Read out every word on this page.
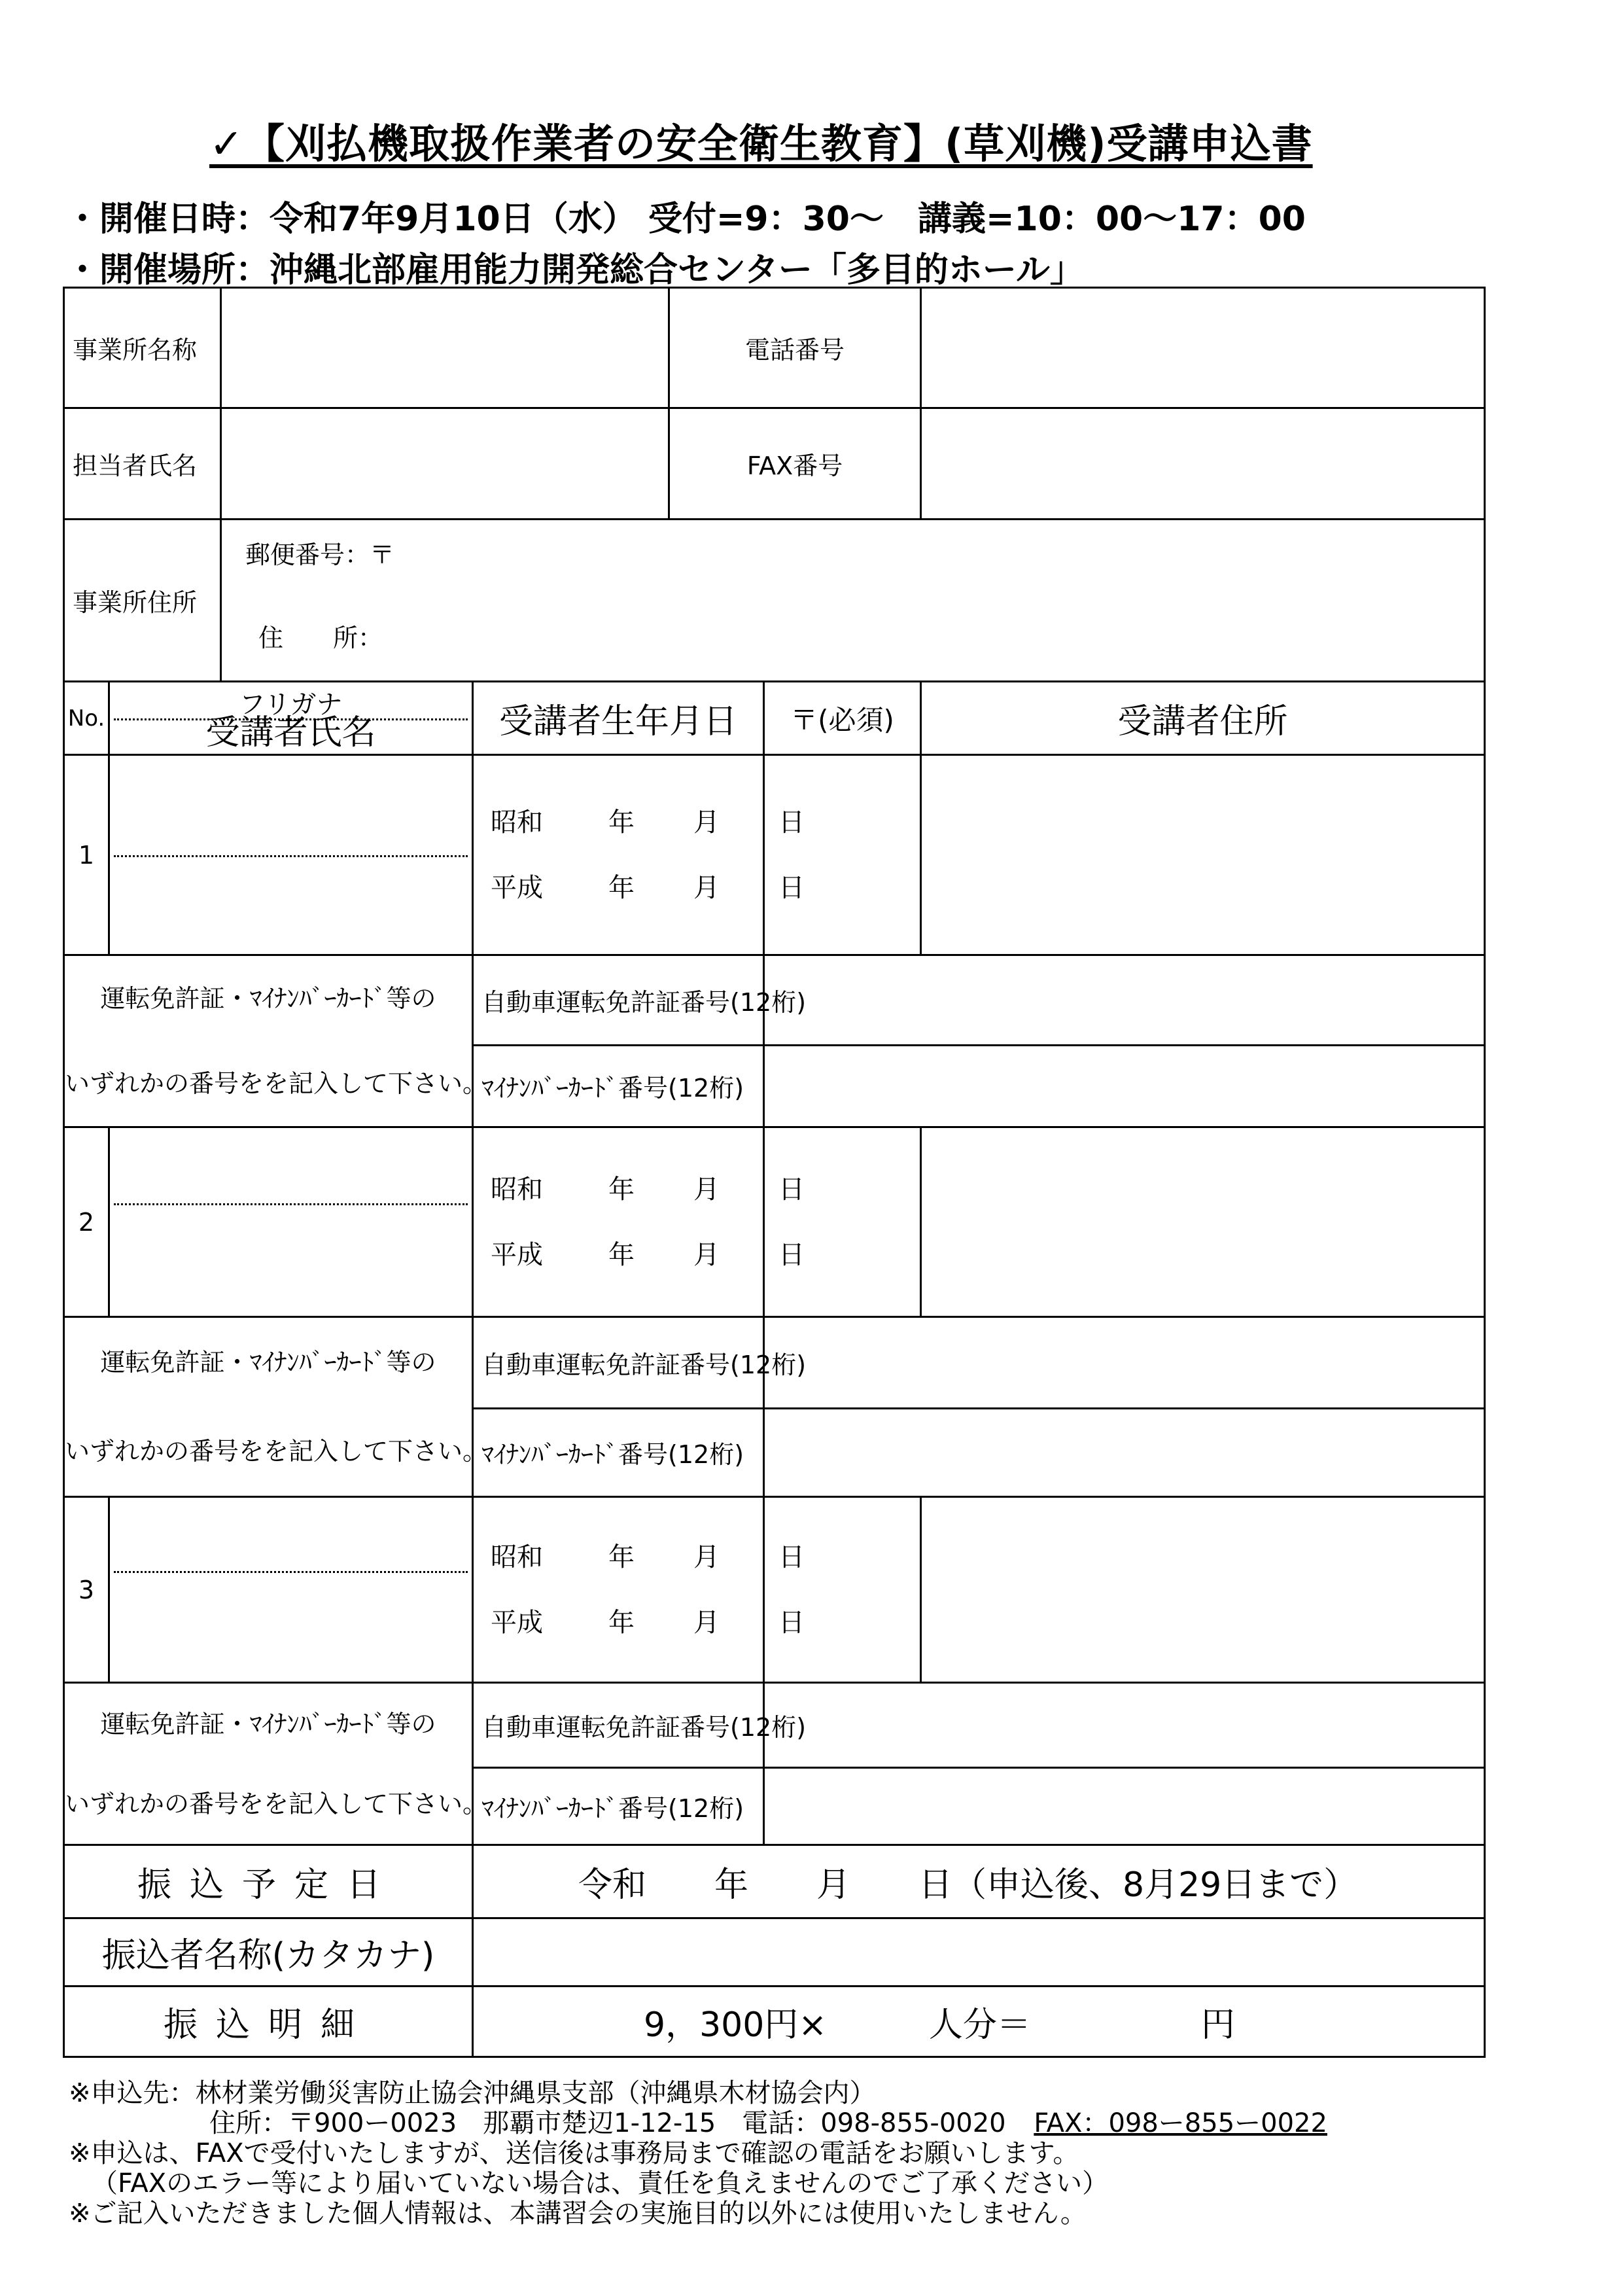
✓【刈払機取扱作業者の安全衛生教育】(草刈機)受講申込書
・開催日時：令和7年9月10日（水） 受付=9：30～　講義=10：00～17：00
・開催場所：沖縄北部雇用能力開発総合センター「多目的ホール」
事業所名称				電話番号		
担当者氏名				FAX番号		
事業所住所		郵便番号：〒
住　　所：				

No.	フリガナ
受講者氏名		受講者生年月日		〒(必須)	受講者住所
1			昭和 年 月 日
平成 年 月 日			

運転免許証・ﾏｲﾅﾝﾊﾞｰｶｰﾄﾞ等の
いずれかの番号をを記入して下さい。			自動車運転免許証番号(12桁)			
			ﾏｲﾅﾝﾊﾞｰｶｰﾄﾞ番号(12桁)			
2			昭和 年 月 日
平成 年 月 日			

運転免許証・ﾏｲﾅﾝﾊﾞｰｶｰﾄﾞ等の
いずれかの番号をを記入して下さい。			自動車運転免許証番号(12桁)			
			ﾏｲﾅﾝﾊﾞｰｶｰﾄﾞ番号(12桁)			
3			昭和 年 月 日
平成 年 月 日			

運転免許証・ﾏｲﾅﾝﾊﾞｰｶｰﾄﾞ等の
いずれかの番号をを記入して下さい。			自動車運転免許証番号(12桁)			
			ﾏｲﾅﾝﾊﾞｰｶｰﾄﾞ番号(12桁)			
振込予定日			令和　　年　　月　　日（申込後、8月29日まで）			
振込者名称(カタカナ)						
振込明細			9，300円×　　　人分＝　　　　　円			
※申込先：林材業労働災害防止協会沖縄県支部（沖縄県木材協会内）
住所：〒900ー0023　那覇市楚辺1-12-15　電話：098-855-0020 FAX：098ー855ー0022
※申込は、FAXで受付いたしますが、送信後は事務局まで確認の電話をお願いします。
（FAXのエラー等により届いていない場合は、責任を負えませんのでご了承ください）
※ご記入いただきました個人情報は、本講習会の実施目的以外には使用いたしません。
